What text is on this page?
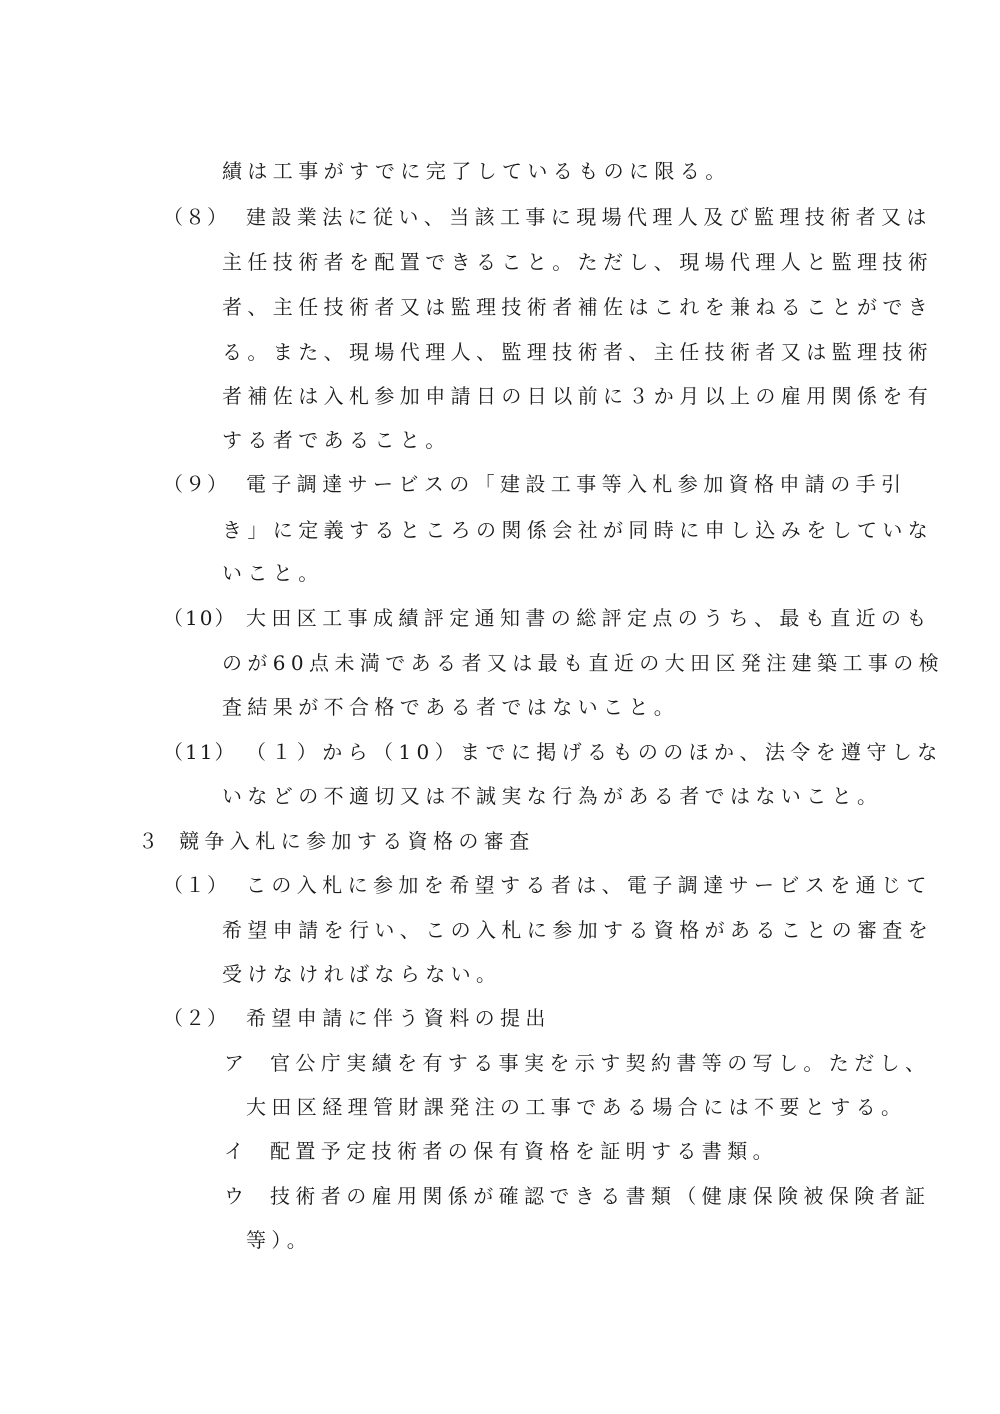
績は工事がすでに完了しているものに限る。
（８） 建設業法に従い、当該工事に現場代理人及び監理技術者又は
主任技術者を配置できること。ただし、現場代理人と監理技術
者、主任技術者又は監理技術者補佐はこれを兼ねることができ
る。また、現場代理人、監理技術者、主任技術者又は監理技術
者補佐は入札参加申請日の日以前に３か月以上の雇用関係を有
する者であること。
（９） 電子調達サービスの「建設工事等入札参加資格申請の手引
き」に定義するところの関係会社が同時に申し込みをしていな
いこと。
（10） 大田区工事成績評定通知書の総評定点のうち、最も直近のも
のが60点未満である者又は最も直近の大田区発注建築工事の検
査結果が不合格である者ではないこと。
（11） （１）から（10）までに掲げるもののほか、法令を遵守しな
いなどの不適切又は不誠実な行為がある者ではないこと。
３ 競争入札に参加する資格の審査
（１） この入札に参加を希望する者は、電子調達サービスを通じて
希望申請を行い、この入札に参加する資格があることの審査を
受けなければならない。
（２） 希望申請に伴う資料の提出
ア 官公庁実績を有する事実を示す契約書等の写し。ただし、
大田区経理管財課発注の工事である場合には不要とする。
イ 配置予定技術者の保有資格を証明する書類。
ウ 技術者の雇用関係が確認できる書類（健康保険被保険者証
等）。
